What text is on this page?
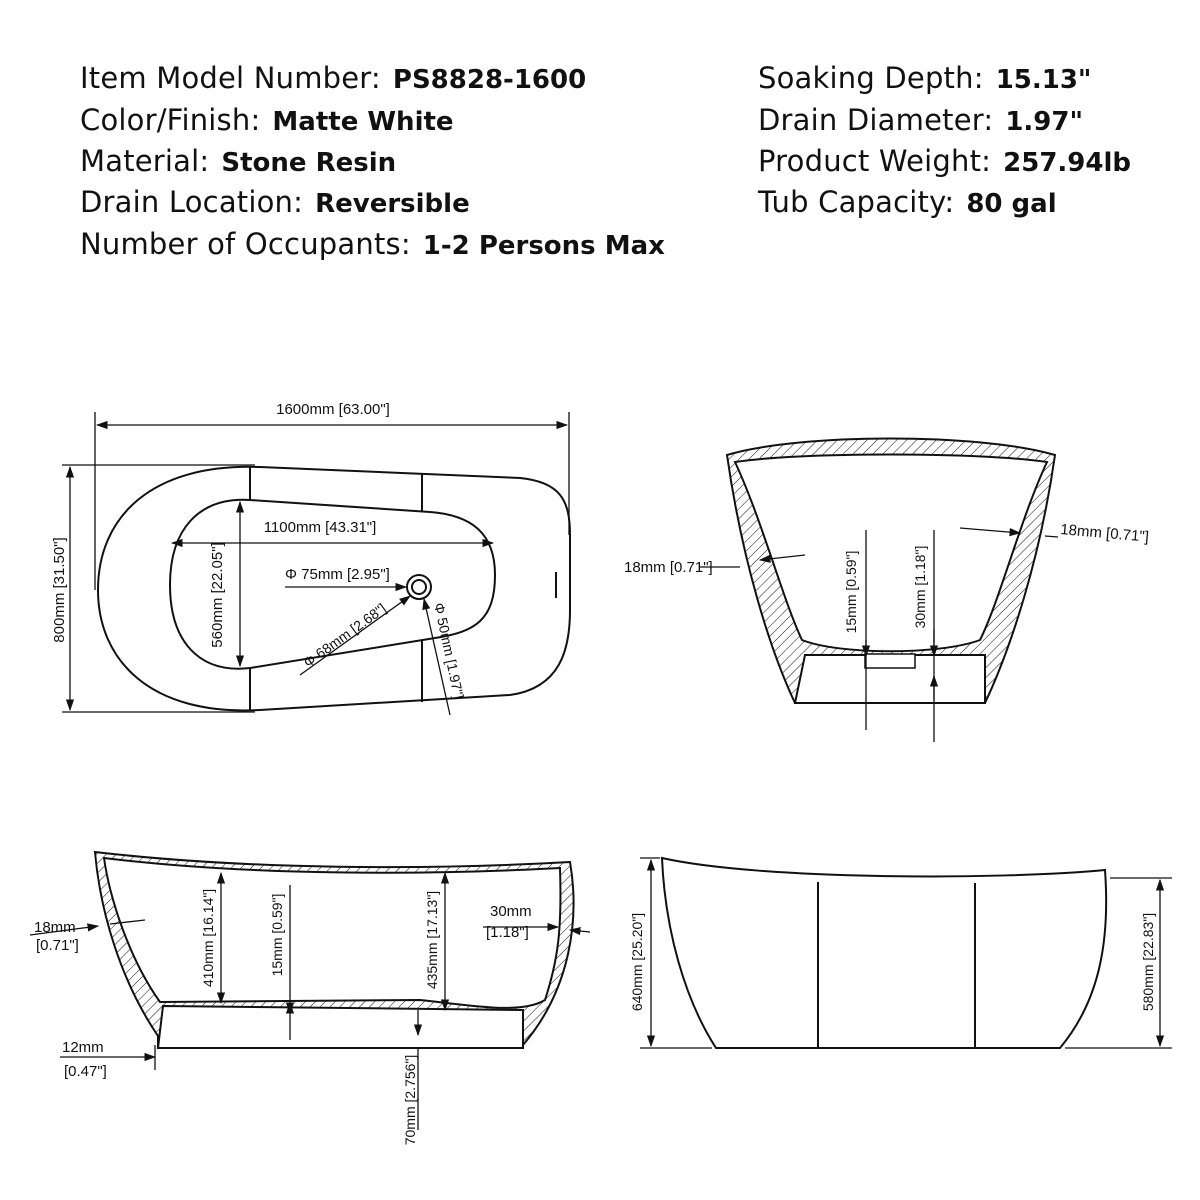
Item Model Number: PS8828-1600
Color/Finish: Matte White
Material: Stone Resin
Drain Location: Reversible
Number of Occupants: 1-2 Persons Max
Soaking Depth: 15.13"
Drain Diameter: 1.97"
Product Weight: 257.94lb
Tub Capacity: 80 gal
1600mm [63.00"]
800mm [31.50"]
1100mm [43.31"]
560mm [22.05"]	Φ 75mm [2.95"]
Φ 68mm [2.68"]	Φ 50mm [1.97"]
18mm [0.71"]
18mm [0.71"]
15mm [0.59"]	30mm [1.18"]
18mm
[0.71"]	410mm [16.14"]	15mm [0.59"]	435mm [17.13"]	30mm
[1.18"]
12mm
[0.47"]	70mm [2.756"]
640mm [25.20"]	580mm [22.83"]
